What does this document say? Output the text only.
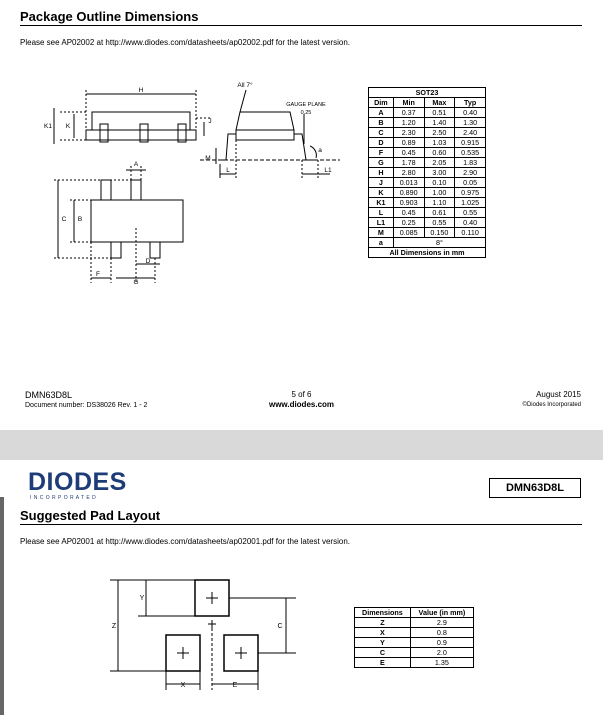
Package Outline Dimensions
Please see AP02002 at http://www.diodes.com/datasheets/ap02002.pdf for the latest version.
H
K1 K
J
A
C B
D
F
G
M
L	L1
a
All 7°
GAUGE PLANE
0.25
SOT23			
Dim	Min	Max	Typ
A	0.37	0.51	0.40
B	1.20	1.40	1.30
C	2.30	2.50	2.40
D	0.89	1.03	0.915
F	0.45	0.60	0.535
G	1.78	2.05	1.83
H	2.80	3.00	2.90
J	0.013	0.10	0.05
K	0.890	1.00	0.975
K1	0.903	1.10	1.025
L	0.45	0.61	0.55
L1	0.25	0.55	0.40
M	0.085	0.150	0.110
a	8°		
All Dimensions in mm			
DMN63D8L
Document number: DS38026 Rev. 1 - 2
5 of 6
www.diodes.com
August 2015
©Diodes Incorporated
DIODES
I N C O R P O R A T E D
DMN63D8L
Suggested Pad Layout
Please see AP02001 at http://www.diodes.com/datasheets/ap02001.pdf for the latest version.
Z
Y
C
X	E
Dimensions	Value (in mm)
Z	2.9
X	0.8
Y	0.9
C	2.0
E	1.35
